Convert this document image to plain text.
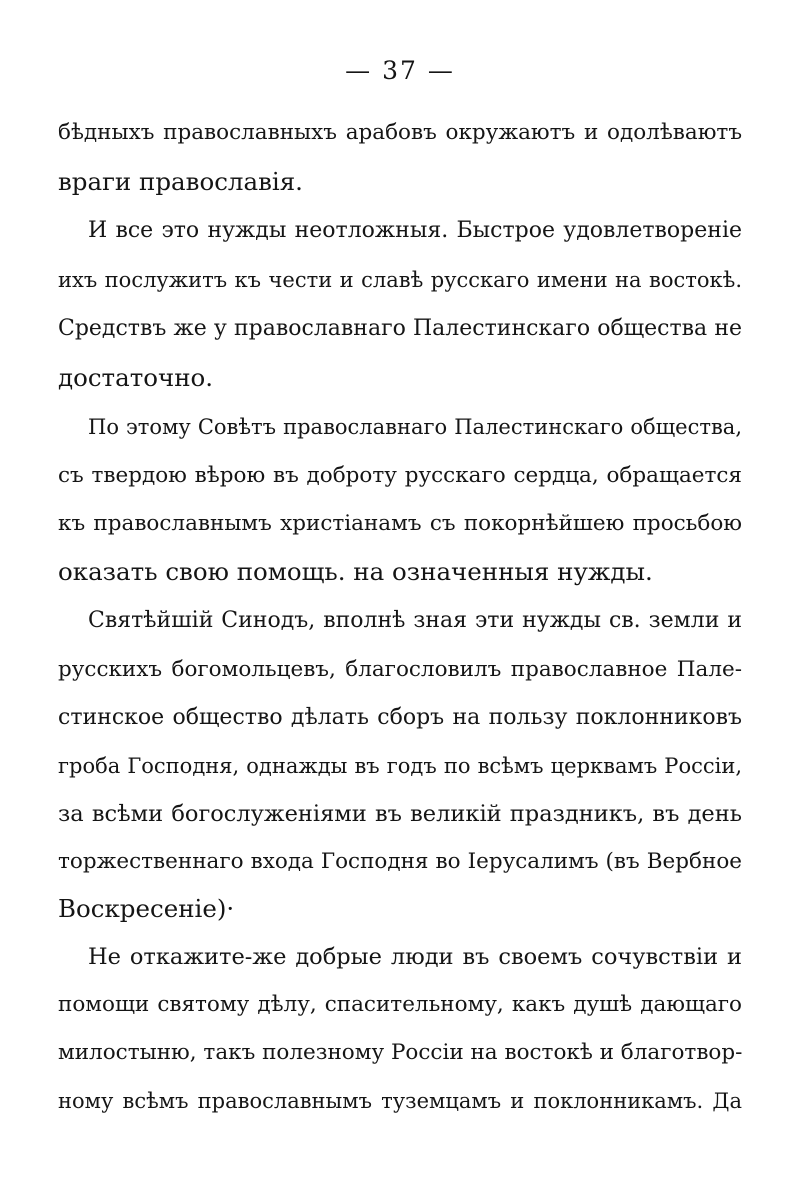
— 37 —
бѣдныхъ православныхъ арабовъ окружаютъ и одолѣваютъ
враги православія.
И все это нужды неотложныя. Быстрое удовлетвореніе
ихъ послужитъ къ чести и славѣ русскаго имени на востокѣ.
Средствъ же у православнаго Палестинскаго общества не
достаточно.
По этому Совѣтъ православнаго Палестинскаго общества,
съ твердою вѣрою въ доброту русскаго сердца, обращается
къ православнымъ христіанамъ съ покорнѣйшею просьбою
оказать свою помощь. на означенныя нужды.
Святѣйшій Синодъ, вполнѣ зная эти нужды св. земли и
русскихъ богомольцевъ, благословилъ православное Пале-
стинское общество дѣлать сборъ на пользу поклонниковъ
гроба Господня, однажды въ годъ по всѣмъ церквамъ Россіи,
за всѣми богослуженіями въ великій праздникъ, въ день
торжественнаго входа Господня во Іерусалимъ (въ Вербное
Воскресеніе)·
Не откажите-же добрые люди въ своемъ сочувствіи и
помощи святому дѣлу, спасительному, какъ душѣ дающаго
милостыню, такъ полезному Россіи на востокѣ и благотвор-
ному всѣмъ православнымъ туземцамъ и поклонникамъ. Да
